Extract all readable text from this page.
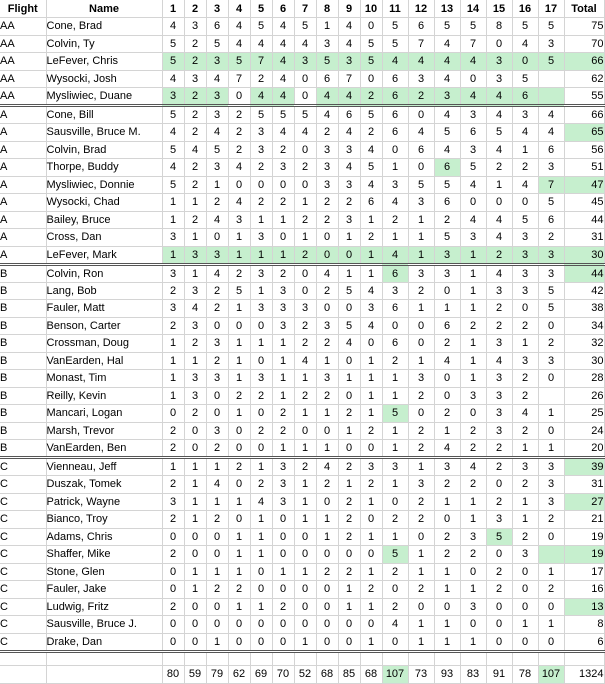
Flight	Name	1	2	3	4	5	6	7	8	9	10	11	12	13	14	15	16	17	Total
AA	Cone, Brad	4	3	6	4	5	4	5	1	4	0	5	6	5	5	8	5	5	75
AA	Colvin, Ty	5	2	5	4	4	4	4	3	4	5	5	7	4	7	0	4	3	70
AA	LeFever, Chris	5	2	3	5	7	4	3	5	3	5	4	4	4	4	3	0	5	66
AA	Wysocki, Josh	4	3	4	7	2	4	0	6	7	0	6	3	4	0	3	5		62
AA	Mysliwiec, Duane	3	2	3	0	4	4	0	4	4	2	6	2	3	4	4	6		55
A	Cone, Bill	5	2	3	2	5	5	5	4	6	5	6	0	4	3	4	3	4	66
A	Sausville, Bruce M.	4	2	4	2	3	4	4	2	4	2	6	4	5	6	5	4	4	65
A	Colvin, Brad	5	4	5	2	3	2	0	3	3	4	0	6	4	3	4	1	6	56
A	Thorpe, Buddy	4	2	3	4	2	3	2	3	4	5	1	0	6	5	2	2	3	51
A	Mysliwiec, Donnie	5	2	1	0	0	0	0	3	3	4	3	5	5	4	1	4	7	47
A	Wysocki, Chad	1	1	2	4	2	2	1	2	2	6	4	3	6	0	0	0	5	45
A	Bailey, Bruce	1	2	4	3	1	1	2	2	3	1	2	1	2	4	4	5	6	44
A	Cross, Dan	3	1	0	1	3	0	1	0	1	2	1	1	5	3	4	3	2	31
A	LeFever, Mark	1	3	3	1	1	1	2	0	0	1	4	1	3	1	2	3	3	30
B	Colvin, Ron	3	1	4	2	3	2	0	4	1	1	6	3	3	1	4	3	3	44
B	Lang, Bob	2	3	2	5	1	3	0	2	5	4	3	2	0	1	3	3	5	42
B	Fauler, Matt	3	4	2	1	3	3	3	0	0	3	6	1	1	1	2	0	5	38
B	Benson, Carter	2	3	0	0	0	3	2	3	5	4	0	0	6	2	2	2	0	34
B	Crossman, Doug	1	2	3	1	1	1	2	2	4	0	6	0	2	1	3	1	2	32
B	VanEarden, Hal	1	1	2	1	0	1	4	1	0	1	2	1	4	1	4	3	3	30
B	Monast, Tim	1	3	3	1	3	1	1	3	1	1	1	3	0	1	3	2	0	28
B	Reilly, Kevin	1	3	0	2	2	1	2	2	0	1	1	2	0	3	3	2		26
B	Mancari, Logan	0	2	0	1	0	2	1	1	2	1	5	0	2	0	3	4	1	25
B	Marsh, Trevor	2	0	3	0	2	2	0	0	1	2	1	2	1	2	3	2	0	24
B	VanEarden, Ben	2	0	2	0	0	1	1	1	0	0	1	2	4	2	2	1	1	20
C	Vienneau, Jeff	1	1	1	2	1	3	2	4	2	3	3	1	3	4	2	3	3	39
C	Duszak, Tomek	2	1	4	0	2	3	1	2	1	2	1	3	2	2	0	2	3	31
C	Patrick, Wayne	3	1	1	1	4	3	1	0	2	1	0	2	1	1	2	1	3	27
C	Bianco, Troy	2	1	2	0	1	0	1	1	2	0	2	2	0	1	3	1	2	21
C	Adams, Chris	0	0	0	1	1	0	0	1	2	1	1	0	2	3	5	2	0	19
C	Shaffer, Mike	2	0	0	1	1	0	0	0	0	0	5	1	2	2	0	3		19
C	Stone, Glen	0	1	1	1	0	1	1	2	2	1	2	1	1	0	2	0	1	17
C	Fauler, Jake	0	1	2	2	0	0	0	0	1	2	0	2	1	1	2	0	2	16
C	Ludwig, Fritz	2	0	0	1	1	2	0	0	1	1	2	0	0	3	0	0	0	13
C	Sausville, Bruce J.	0	0	0	0	0	0	0	0	0	0	4	1	1	0	0	1	1	8
C	Drake, Dan	0	0	1	0	0	0	1	0	0	1	0	1	1	1	0	0	0	6

		80	59	79	62	69	70	52	68	85	68	107	73	93	83	91	78	107	1324
